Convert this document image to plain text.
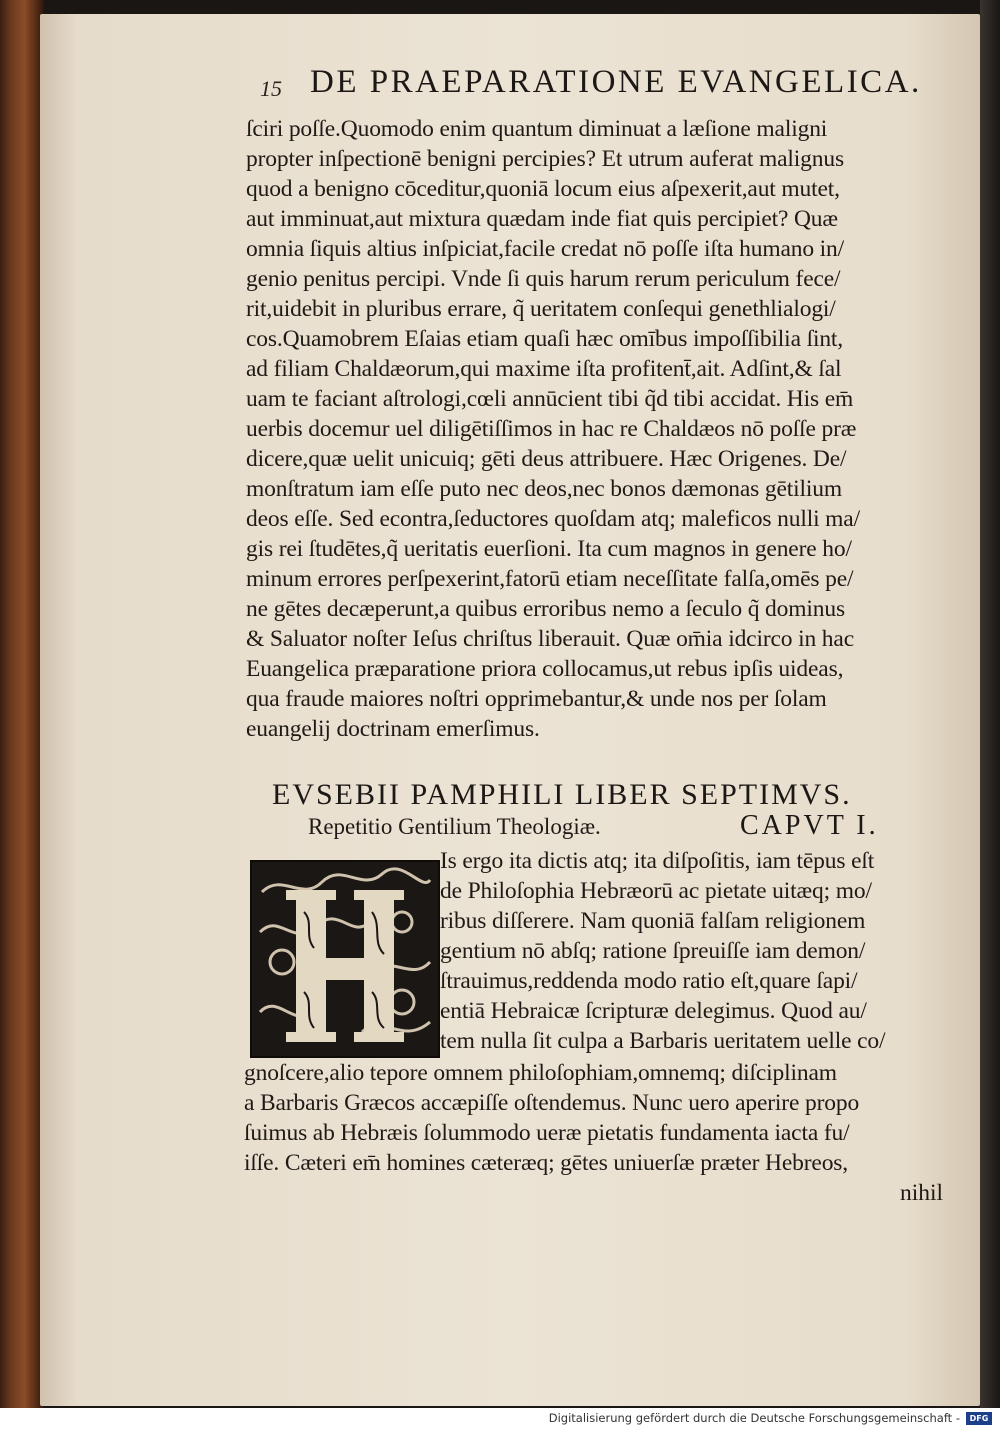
15 DE PRAEPARATIONE EVANGELICA.
ſciri poſſe.Quomodo enim quantum diminuat a læſione maligni
propter inſpectionē benigni percipies? Et utrum auferat malignus
quod a benigno cōceditur,quoniā locum eius aſpexerit,aut mutet,
aut imminuat,aut mixtura quædam inde fiat quis percipiet? Quæ
omnia ſiquis altius inſpiciat,facile credat nō poſſe iſta humano in/
genio penitus percipi. Vnde ſi quis harum rerum periculum fece/
rit,uidebit in pluribus errare, q̃ ueritatem conſequi genethlialogi/
cos.Quamobrem Eſaias etiam quaſi hæc omībus impoſſibilia ſint,
ad filiam Chaldæorum,qui maxime iſta profitent̄,ait. Adſint,& ſal
uam te faciant aſtrologi,cœli annūcient tibi q̃d tibi accidat. His em̄
uerbis docemur uel diligētiſſimos in hac re Chaldæos nō poſſe præ
dicere,quæ uelit unicuiq; gēti deus attribuere. Hæc Origenes. De/
monſtratum iam eſſe puto nec deos,nec bonos dæmonas gētilium
deos eſſe. Sed econtra,ſeductores quoſdam atq; maleficos nulli ma/
gis rei ſtudētes,q̃ ueritatis euerſioni. Ita cum magnos in genere ho/
minum errores perſpexerint,fatorū etiam neceſſitate falſa,omēs pe/
ne gētes decæperunt,a quibus erroribus nemo a ſeculo q̃ dominus
& Saluator noſter Ieſus chriſtus liberauit. Quæ om̄ia idcirco in hac
Euangelica præparatione priora collocamus,ut rebus ipſis uideas,
qua fraude maiores noſtri opprimebantur,& unde nos per ſolam
euangelij doctrinam emerſimus.
EVSEBII PAMPHILI LIBER SEPTIMVS.
Repetitio Gentilium Theologiæ.	CAPVT I.
Is ergo ita dictis atq; ita diſpoſitis, iam tēpus eſt
de Philoſophia Hebræorū ac pietate uitæq; mo/
ribus diſſerere. Nam quoniā falſam religionem
gentium nō abſq; ratione ſpreuiſſe iam demon/
ſtrauimus,reddenda modo ratio eſt,quare ſapi/
entiā Hebraicæ ſcripturæ delegimus. Quod au/
tem nulla ſit culpa a Barbaris ueritatem uelle co/
gnoſcere,alio tepore omnem philoſophiam,omnemq; diſciplinam
a Barbaris Græcos accæpiſſe oſtendemus. Nunc uero aperire propo
ſuimus ab Hebræis ſolummodo ueræ pietatis fundamenta iacta fu/
iſſe. Cæteri em̄ homines cæteræq; gētes uniuerſæ præter Hebreos,
nihil
Digitalisierung gefördert durch die Deutsche Forschungsgemeinschaft -	DFG
